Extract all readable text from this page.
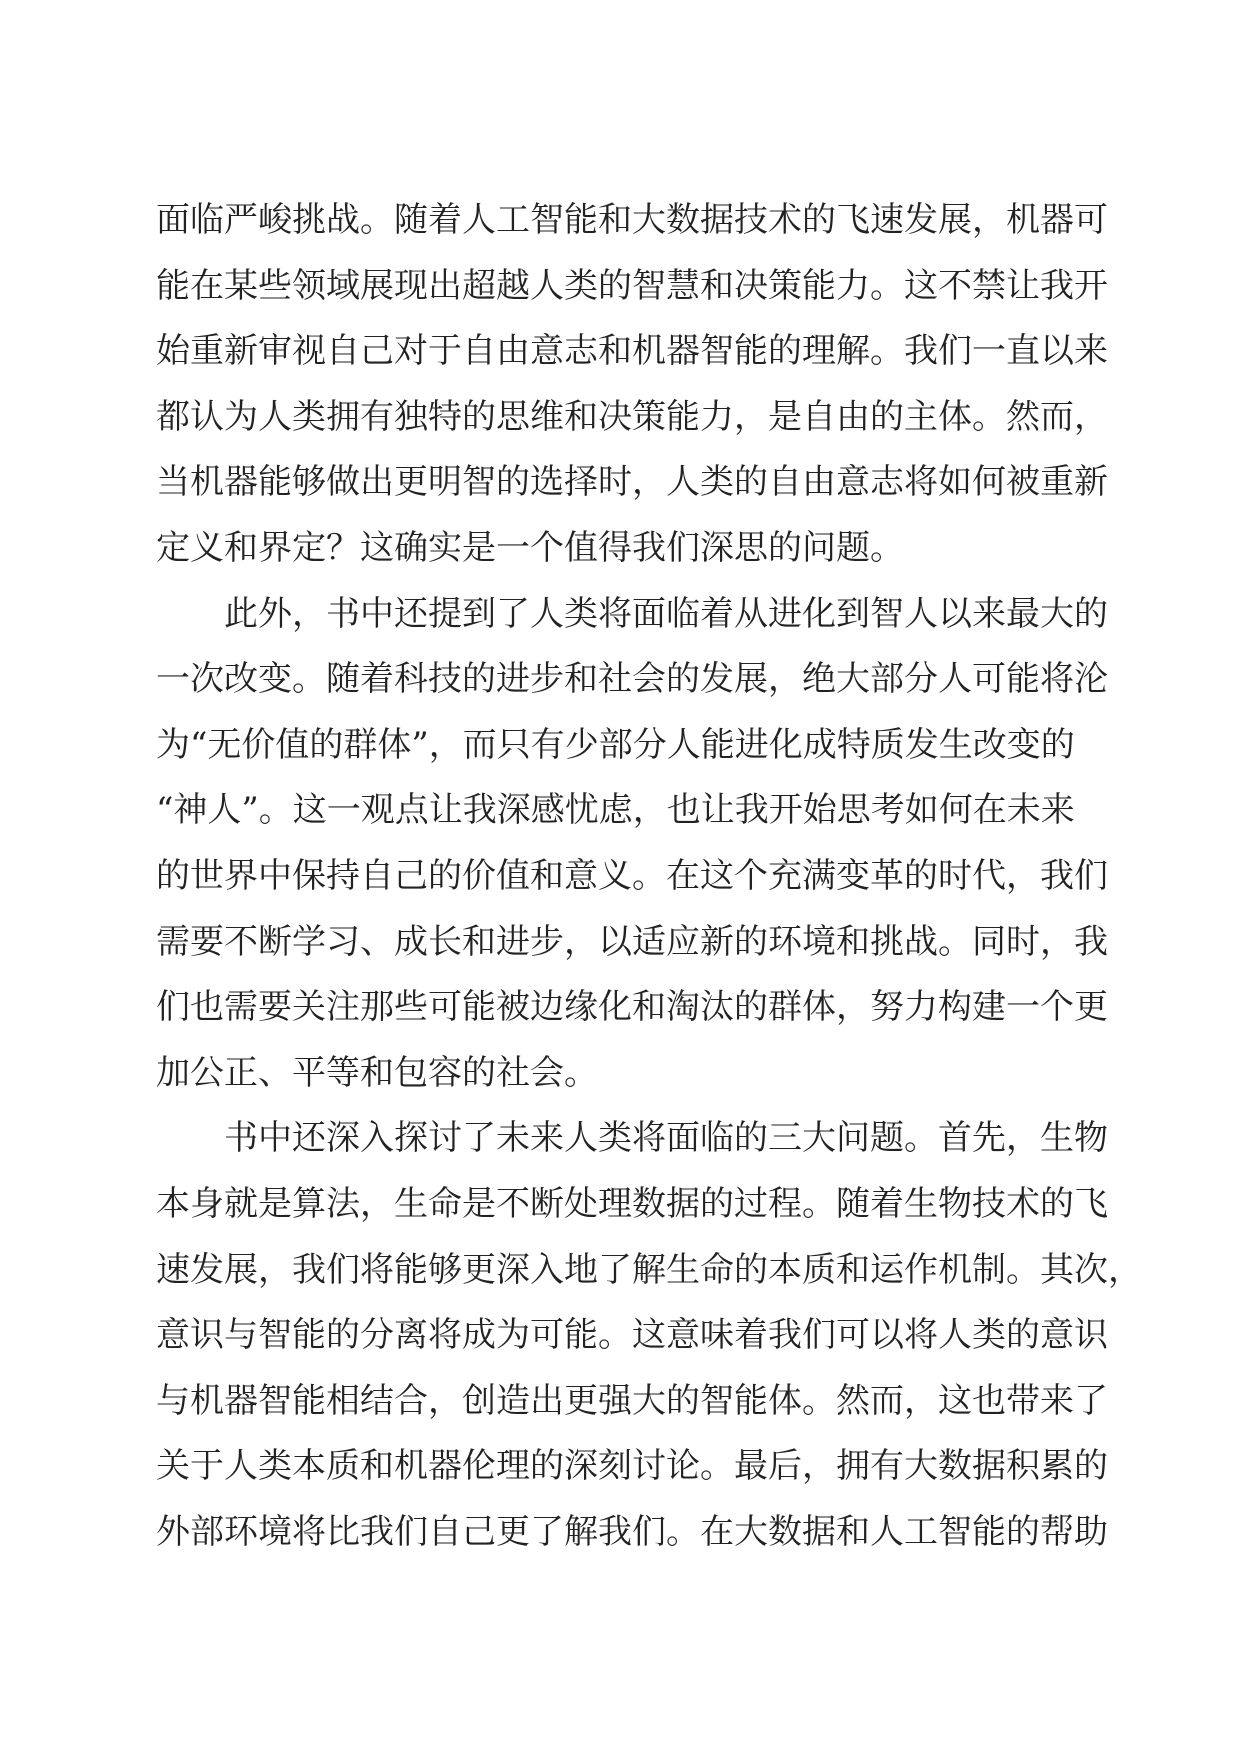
面临严峻挑战。随着人工智能和大数据技术的飞速发展，机器可
能在某些领域展现出超越人类的智慧和决策能力。这不禁让我开
始重新审视自己对于自由意志和机器智能的理解。我们一直以来
都认为人类拥有独特的思维和决策能力，是自由的主体。然而，
当机器能够做出更明智的选择时，人类的自由意志将如何被重新
定义和界定？这确实是一个值得我们深思的问题。
　　此外，书中还提到了人类将面临着从进化到智人以来最大的
一次改变。随着科技的进步和社会的发展，绝大部分人可能将沦
为“无价值的群体”，而只有少部分人能进化成特质发生改变的
“神人”。这一观点让我深感忧虑，也让我开始思考如何在未来
的世界中保持自己的价值和意义。在这个充满变革的时代，我们
需要不断学习、成长和进步，以适应新的环境和挑战。同时，我
们也需要关注那些可能被边缘化和淘汰的群体，努力构建一个更
加公正、平等和包容的社会。
　　书中还深入探讨了未来人类将面临的三大问题。首先，生物
本身就是算法，生命是不断处理数据的过程。随着生物技术的飞
速发展，我们将能够更深入地了解生命的本质和运作机制。其次，
意识与智能的分离将成为可能。这意味着我们可以将人类的意识
与机器智能相结合，创造出更强大的智能体。然而，这也带来了
关于人类本质和机器伦理的深刻讨论。最后，拥有大数据积累的
外部环境将比我们自己更了解我们。在大数据和人工智能的帮助
